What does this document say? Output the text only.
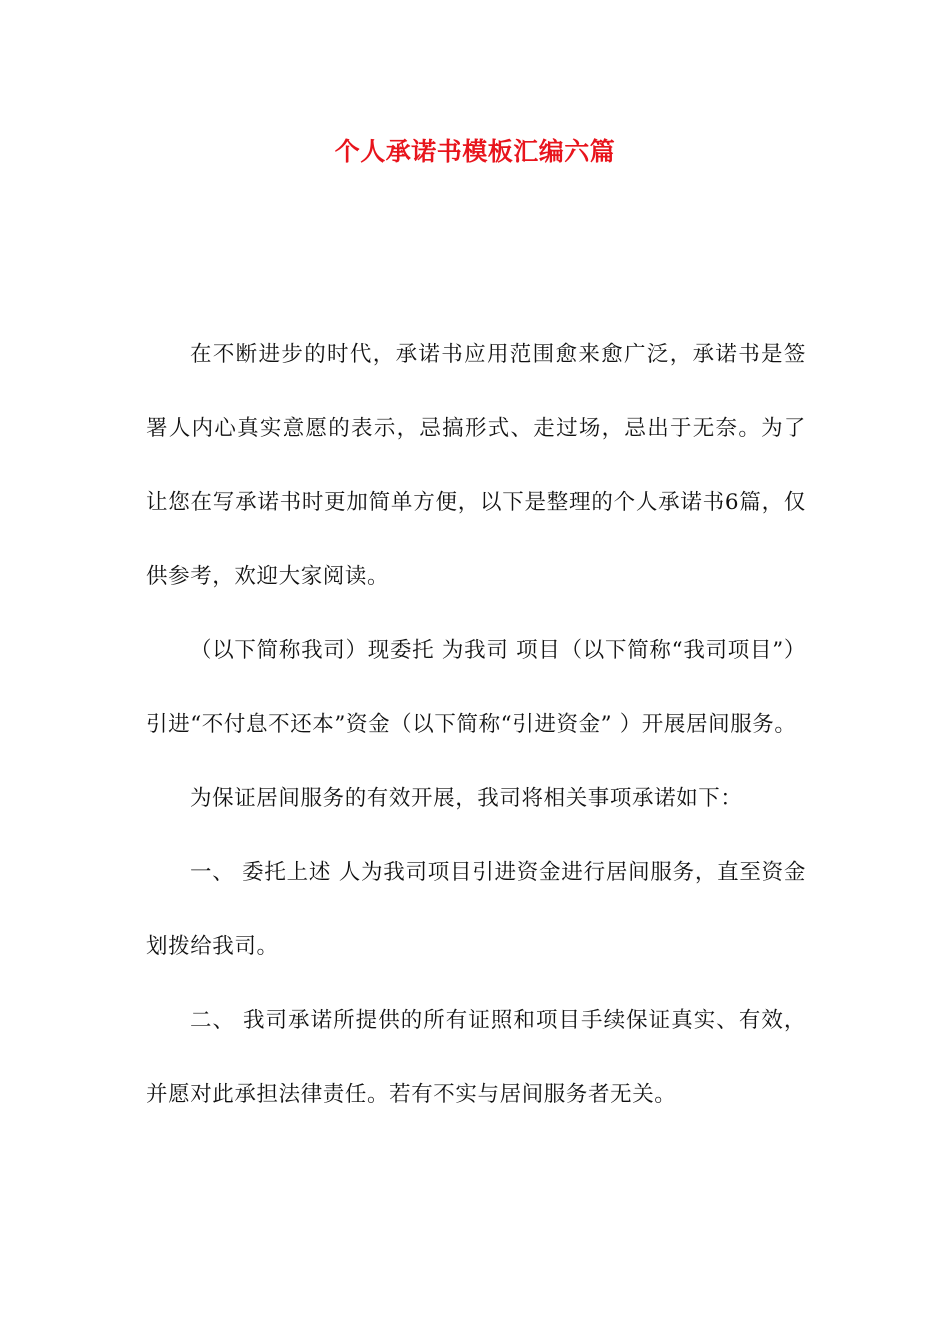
个人承诺书模板汇编六篇

在不断进步的时代，承诺书应用范围愈来愈广泛，承诺书是签署人内心真实意愿的表示，忌搞形式、走过场，忌出于无奈。为了让您在写承诺书时更加简单方便，以下是整理的个人承诺书6篇，仅供参考，欢迎大家阅读。

（以下简称我司）现委托 为我司 项目（以下简称“我司项目”）引进“不付息不还本”资金（以下简称“引进资金” ）开展居间服务。

为保证居间服务的有效开展，我司将相关事项承诺如下：

一、 委托上述 人为我司项目引进资金进行居间服务，直至资金划拨给我司。

二、 我司承诺所提供的所有证照和项目手续保证真实、有效，并愿对此承担法律责任。若有不实与居间服务者无关。
